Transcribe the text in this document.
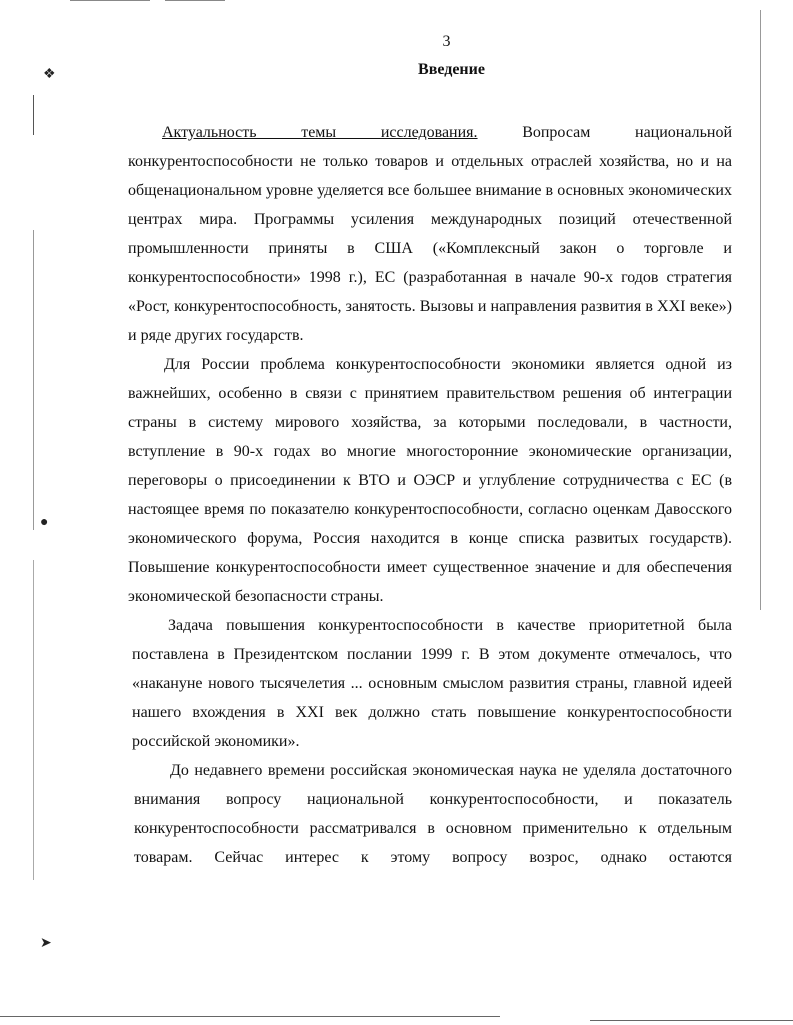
❖
●
➤
3
Введение

Актуальность темы исследования. Вопросам национальной конкурентоспособности не только товаров и отдельных отраслей хозяйства, но и на общенациональном уровне уделяется все большее внимание в основных экономических центрах мира. Программы усиления международных позиций отечественной промышленности приняты в США («Комплексный закон о торговле и конкурентоспособности» 1998 г.), ЕС (разработанная в начале 90-х годов стратегия «Рост, конкурентоспособность, занятость. Вызовы и направления развития в XXI веке») и ряде других государств.

Для России проблема конкурентоспособности экономики является одной из важнейших, особенно в связи с принятием правительством решения об интеграции страны в систему мирового хозяйства, за которыми последовали, в частности, вступление в 90-х годах во многие многосторонние экономические организации, переговоры о присоединении к ВТО и ОЭСР и углубление сотрудничества с ЕС (в настоящее время по показателю конкурентоспособности, согласно оценкам Давосского экономического форума, Россия находится в конце списка развитых государств). Повышение конкурентоспособности имеет существенное значение и для обеспечения экономической безопасности страны.

Задача повышения конкурентоспособности в качестве приоритетной была поставлена в Президентском послании 1999 г. В этом документе отмечалось, что «накануне нового тысячелетия ... основным смыслом развития страны, главной идеей нашего вхождения в XXI век должно стать повышение конкурентоспособности российской экономики».

До недавнего времени российская экономическая наука не уделяла достаточного внимания вопросу национальной конкурентоспособности, и показатель конкурентоспособности рассматривался в основном применительно к отдельным товарам. Сейчас интерес к этому вопросу возрос, однако остаются
